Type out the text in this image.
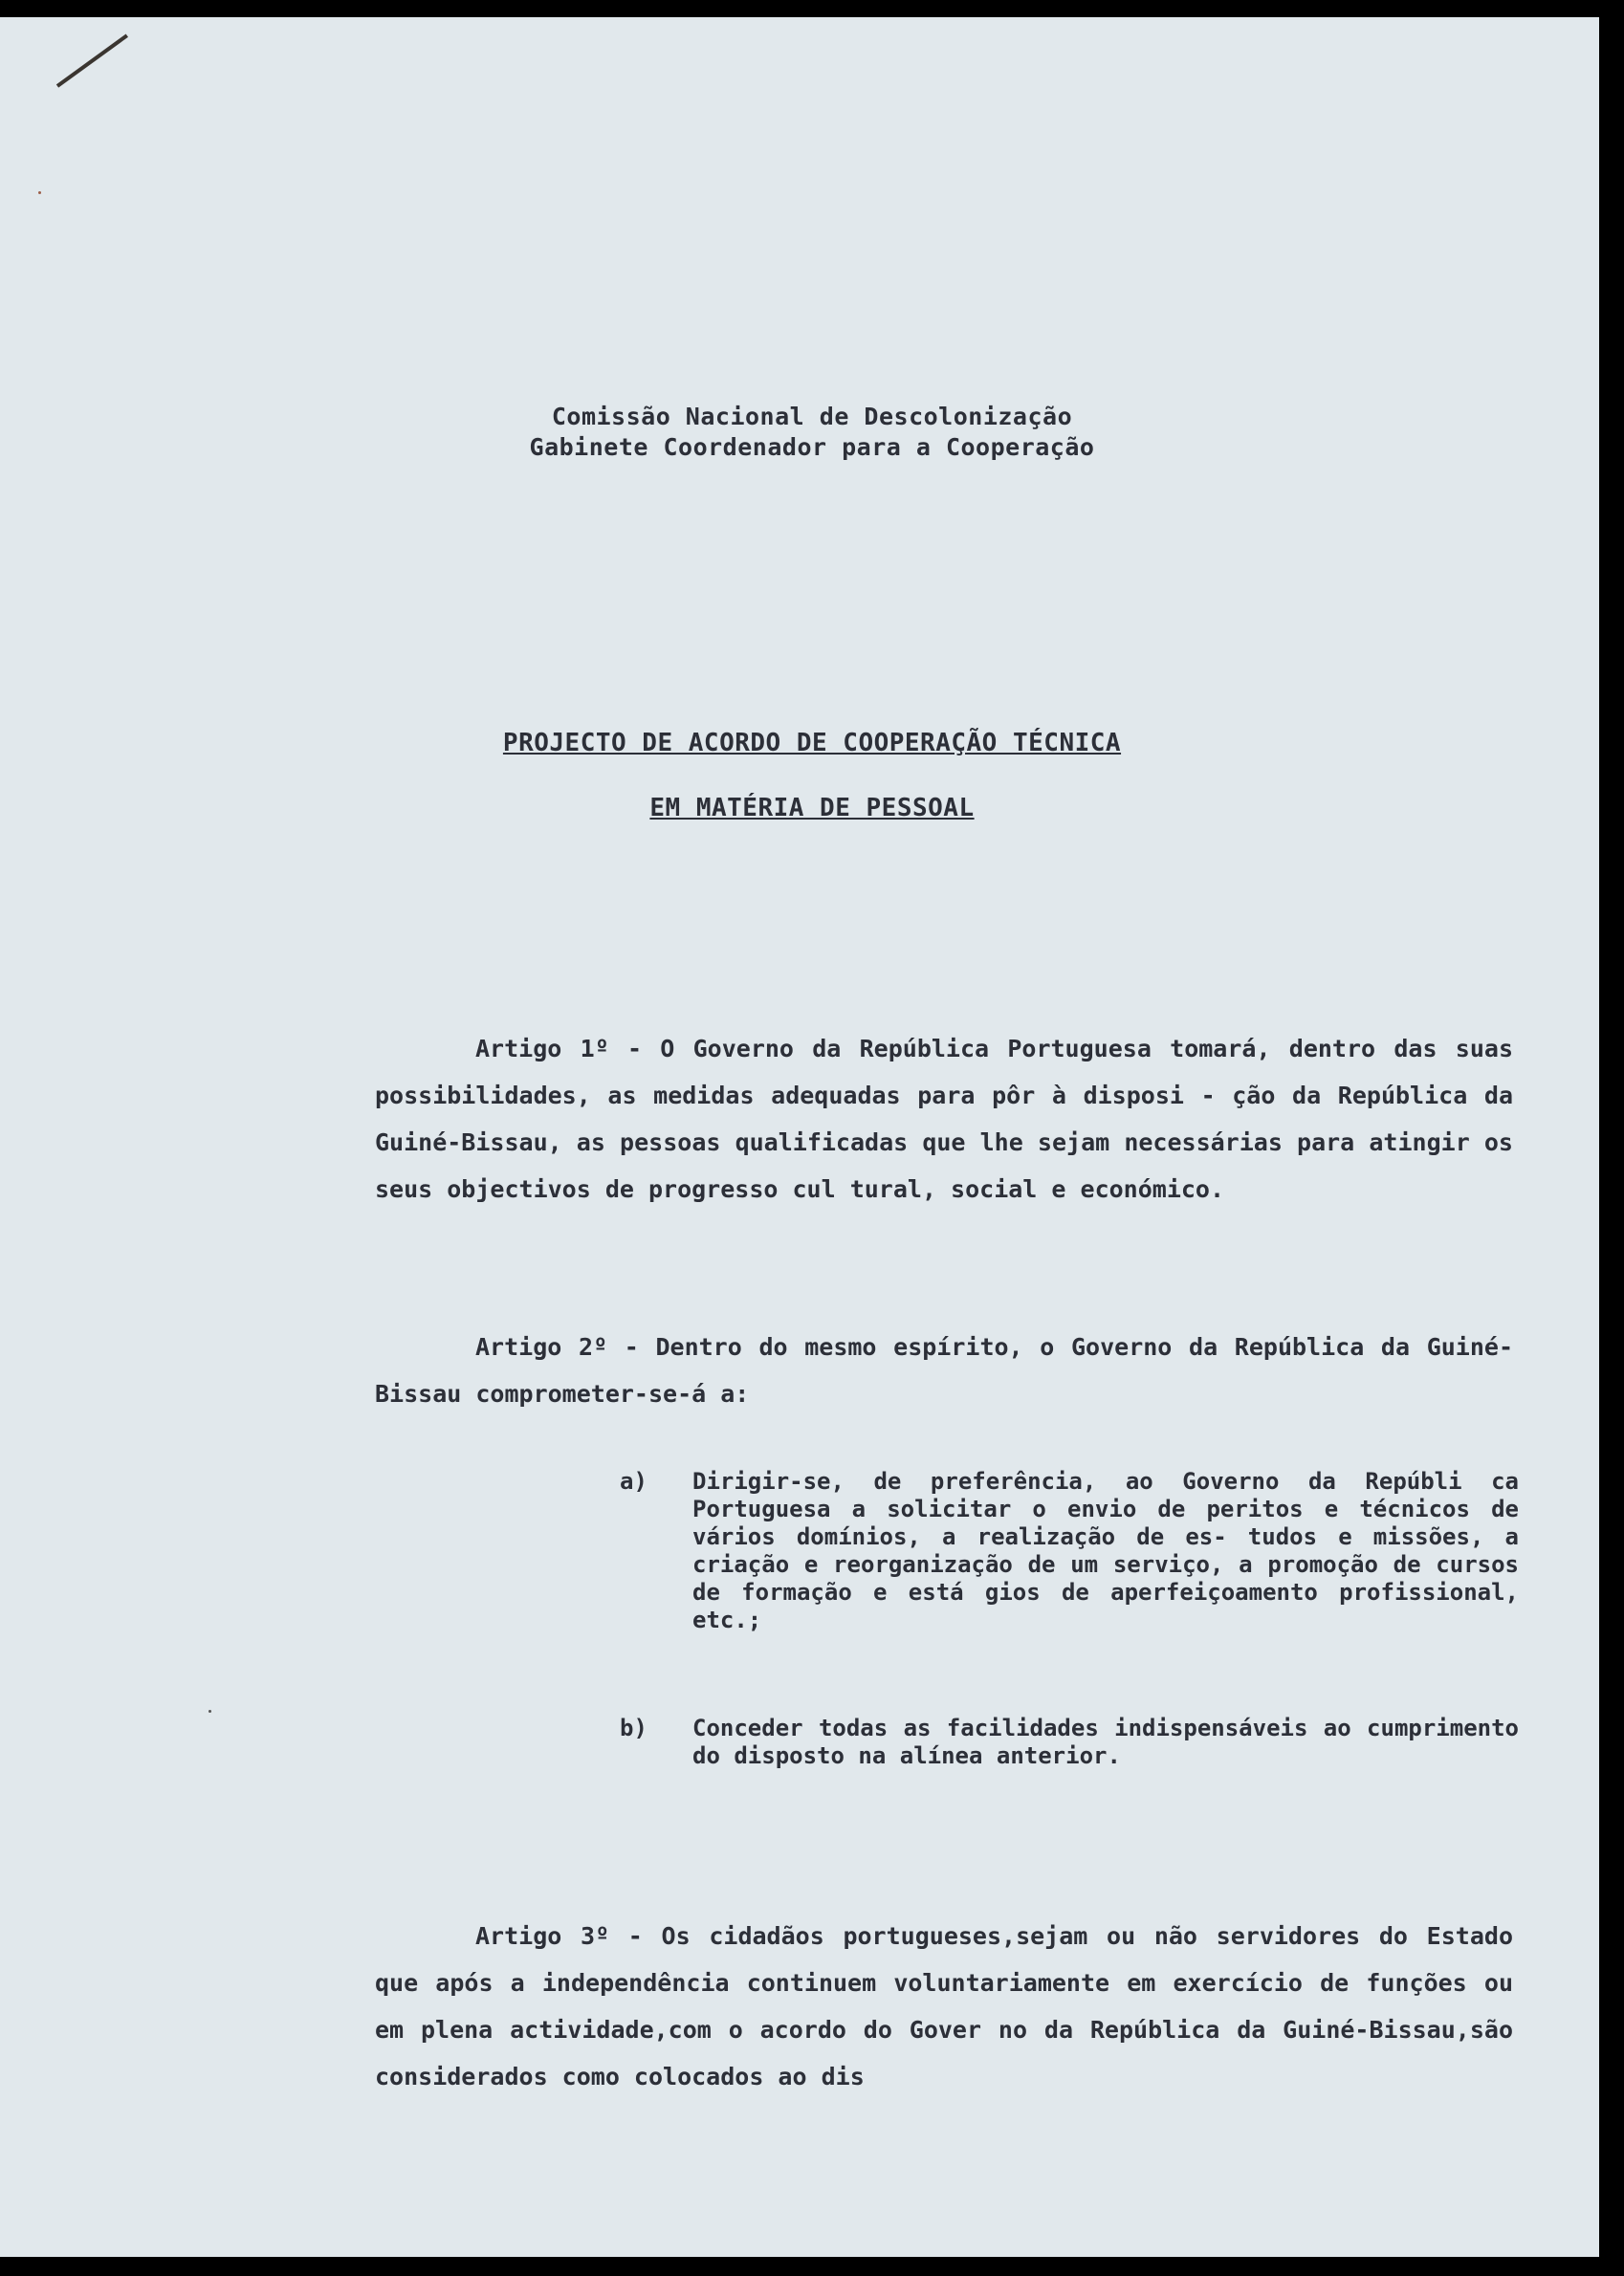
Comissão Nacional de Descolonização
Gabinete Coordenador para a Cooperação
PROJECTO DE ACORDO DE COOPERAÇÃO TÉCNICA
EM MATÉRIA DE PESSOAL
Artigo 1º - O Governo da República Portuguesa tomará, dentro das suas possibilidades, as medidas adequadas para pôr à disposi - ção da República da Guiné-Bissau, as pessoas qualificadas que lhe sejam necessárias para atingir os seus objectivos de progresso cul tural, social e económico.
Artigo 2º - Dentro do mesmo espírito, o Governo da República da Guiné-Bissau comprometer-se-á a:
a)	Dirigir-se, de preferência, ao Governo da Repúbli ca Portuguesa a solicitar o envio de peritos e técnicos de vários domínios, a realização de es- tudos e missões, a criação e reorganização de um serviço, a promoção de cursos de formação e está gios de aperfeiçoamento profissional, etc.;
b)	Conceder todas as facilidades indispensáveis ao cumprimento do disposto na alínea anterior.
Artigo 3º - Os cidadãos portugueses,sejam ou não servidores do Estado que após a independência continuem voluntariamente em exercício de funções ou em plena actividade,com o acordo do Gover no da República da Guiné-Bissau,são considerados como colocados ao dis
